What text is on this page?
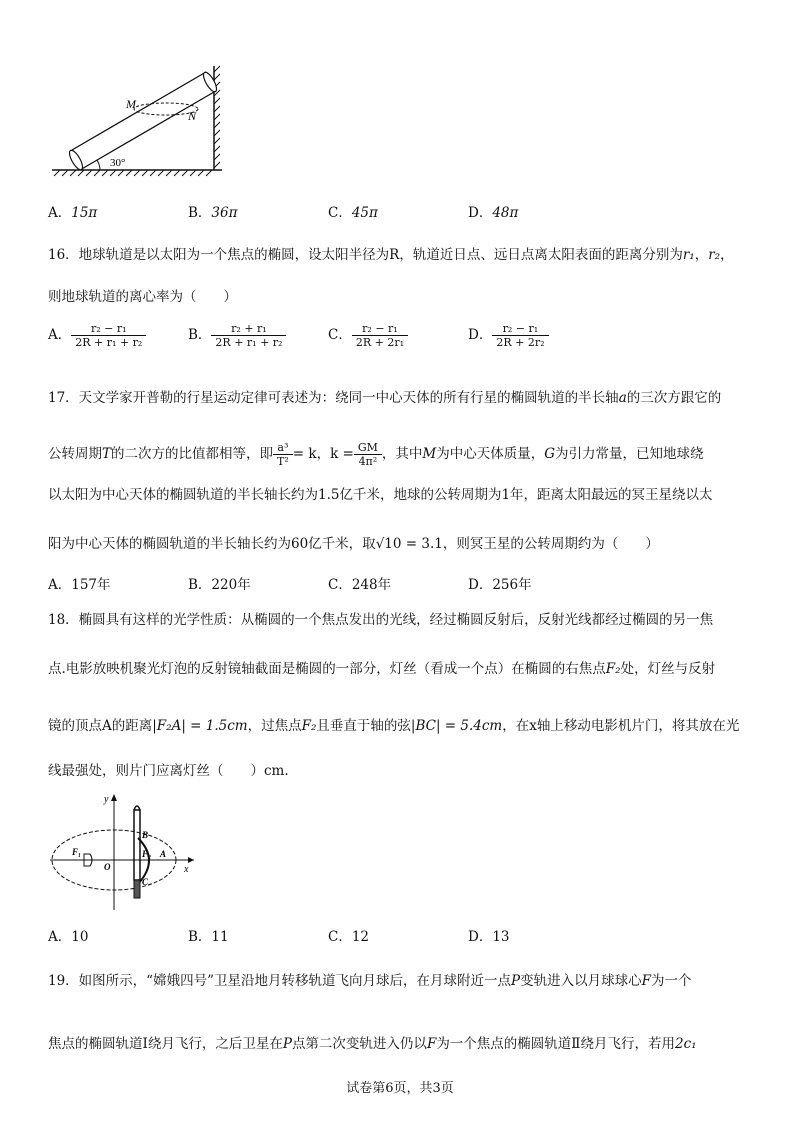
M
N
30°
A．15π	B．36π	C．45π	D．48π
16．地球轨道是以太阳为一个焦点的椭圆，设太阳半径为R，轨道近日点、远日点离太阳表面的距离分别为r₁，r₂，
则地球轨道的离心率为（　　）
A． $\frac{\text{r₂ − r₁}}{\text{2R + r₁ + r₂}}$	B． $\frac{\text{r₂ + r₁}}{\text{2R + r₁ + r₂}}$	C． $\frac{\text{r₂ − r₁}}{\text{2R + 2r₁}}$	D． $\frac{\text{r₂ − r₁}}{\text{2R + 2r₂}}$
17．天文学家开普勒的行星运动定律可表述为：绕同一中心天体的所有行星的椭圆轨道的半长轴a的三次方跟它的
公转周期T的二次方的比值都相等，即 $\frac{\text{a³}}{\text{T²}} = k$，$k = \frac{GM}{\text{4π²}}$ ，其中M为中心天体质量，G为引力常量，已知地球绕
以太阳为中心天体的椭圆轨道的半长轴长约为1.5亿千米，地球的公转周期为1年，距离太阳最远的冥王星绕以太
阳为中心天体的椭圆轨道的半长轴长约为60亿千米，取√10 = 3.1，则冥王星的公转周期约为（　　）
A．157年	B．220年	C．248年	D．256年
18．椭圆具有这样的光学性质：从椭圆的一个焦点发出的光线，经过椭圆反射后，反射光线都经过椭圆的另一焦
点.电影放映机聚光灯泡的反射镜轴截面是椭圆的一部分，灯丝（看成一个点）在椭圆的右焦点F₂处，灯丝与反射
镜的顶点A的距离|F₂A| = 1.5cm，过焦点F₂且垂直于轴的弦|BC| = 5.4cm，在x轴上移动电影机片门，将其放在光
线最强处，则片门应离灯丝（　　）cm.
y
x
O
F₁	F₂ A
B
C
A．10	B．11	C．12	D．13
19．如图所示，“嫦娥四号”卫星沿地月转移轨道飞向月球后，在月球附近一点P变轨进入以月球球心F为一个
焦点的椭圆轨道Ⅰ绕月飞行，之后卫星在P点第二次变轨进入仍以F为一个焦点的椭圆轨道Ⅱ绕月飞行，若用2c₁
试卷第6页，共3页
